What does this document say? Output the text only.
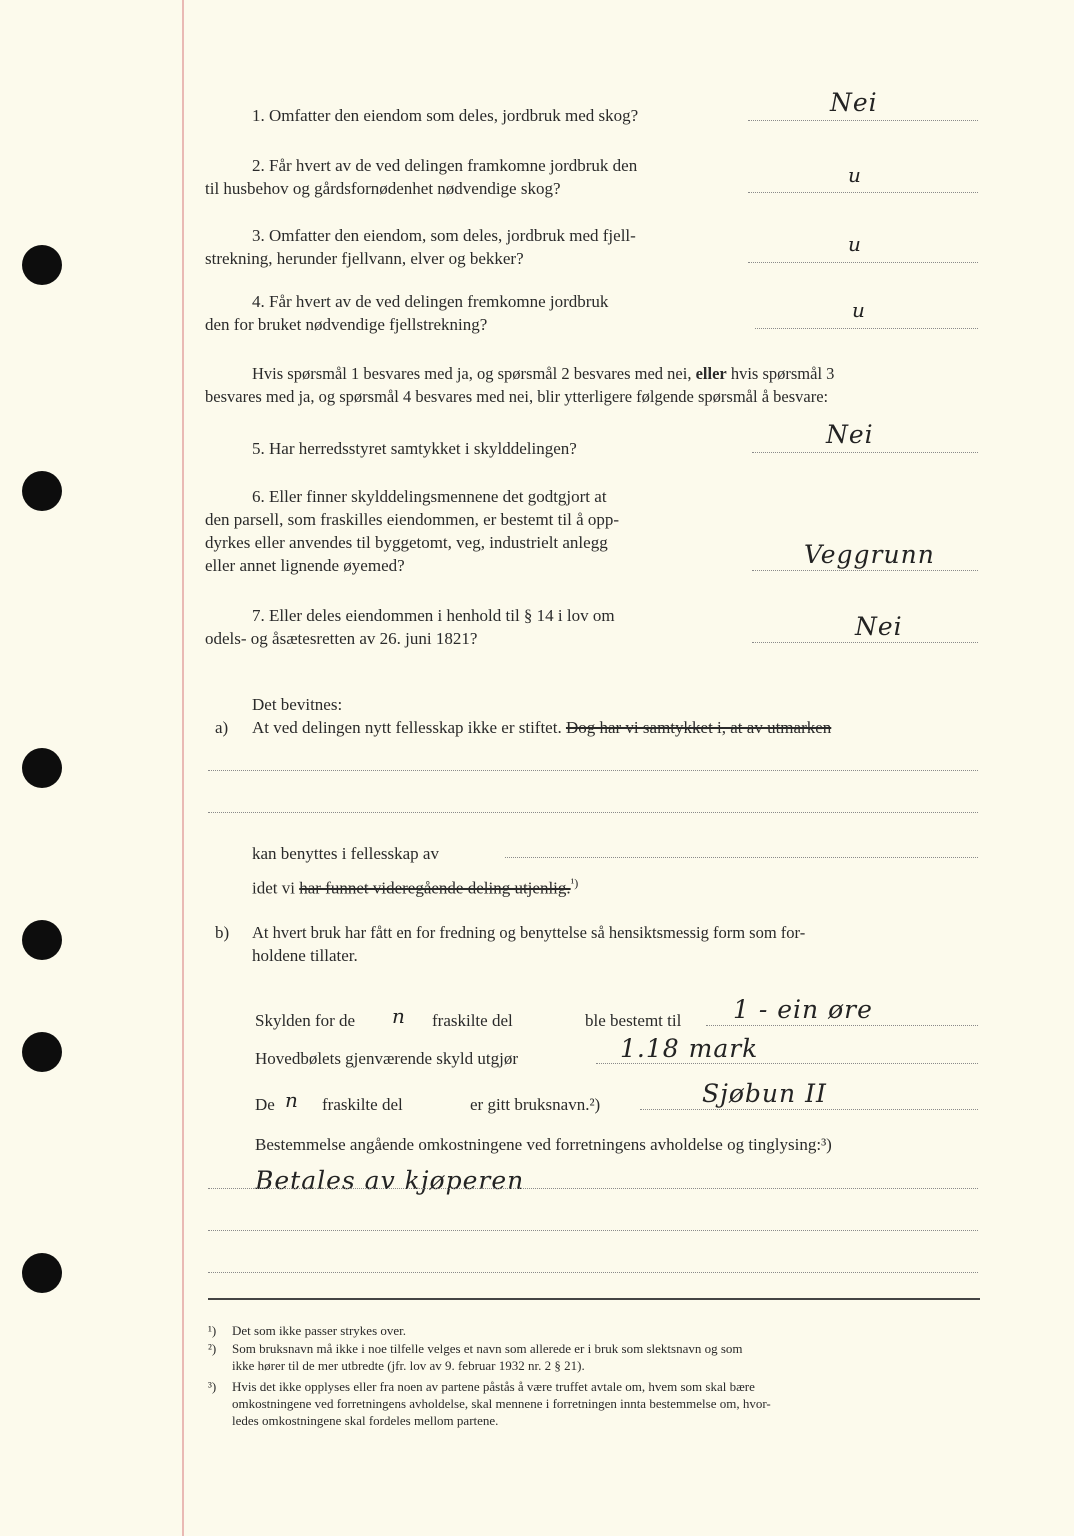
1. Omfatter den eiendom som deles, jordbruk med skog?	Nei
2. Får hvert av de ved delingen framkomne jordbruk den
til husbehov og gårdsfornødenhet nødvendige skog?
u
3. Omfatter den eiendom, som deles, jordbruk med fjell-
strekning, herunder fjellvann, elver og bekker?
u
4. Får hvert av de ved delingen fremkomne jordbruk
den for bruket nødvendige fjellstrekning?
u
Hvis spørsmål 1 besvares med ja, og spørsmål 2 besvares med nei, eller hvis spørsmål 3
besvares med ja, og spørsmål 4 besvares med nei, blir ytterligere følgende spørsmål å besvare:
5. Har herredsstyret samtykket i skylddelingen?	Nei
6. Eller finner skylddelingsmennene det godtgjort at
den parsell, som fraskilles eiendommen, er bestemt til å opp-
dyrkes eller anvendes til byggetomt, veg, industrielt anlegg
eller annet lignende øyemed?	Veggrunn
7. Eller deles eiendommen i henhold til § 14 i lov om
odels- og åsætesretten av 26. juni 1821?	Nei
Det bevitnes:
a) At ved delingen nytt fellesskap ikke er stiftet. Dog har vi samtykket i, at av utmarken
kan benyttes i fellesskap av
idet vi har funnet videregående deling utjenlig.$^{^1)}$
b) At hvert bruk har fått en for fredning og benyttelse så hensiktsmessig form som for-
holdene tillater.
Skylden for de n fraskilte del	ble bestemt til 1 - ein øre
Hovedbølets gjenværende skyld utgjør	1.18 mark
De n fraskilte del	er gitt bruksnavn.²)	Sjøbun II
Bestemmelse angående omkostningene ved forretningens avholdelse og tinglysing:³)
Betales av kjøperen
¹) Det som ikke passer strykes over.
²) Som bruksnavn må ikke i noe tilfelle velges et navn som allerede er i bruk som slektsnavn og som
ikke hører til de mer utbredte (jfr. lov av 9. februar 1932 nr. 2 § 21).
³) Hvis det ikke opplyses eller fra noen av partene påstås å være truffet avtale om, hvem som skal bære
omkostningene ved forretningens avholdelse, skal mennene i forretningen innta bestemmelse om, hvor-
ledes omkostningene skal fordeles mellom partene.
